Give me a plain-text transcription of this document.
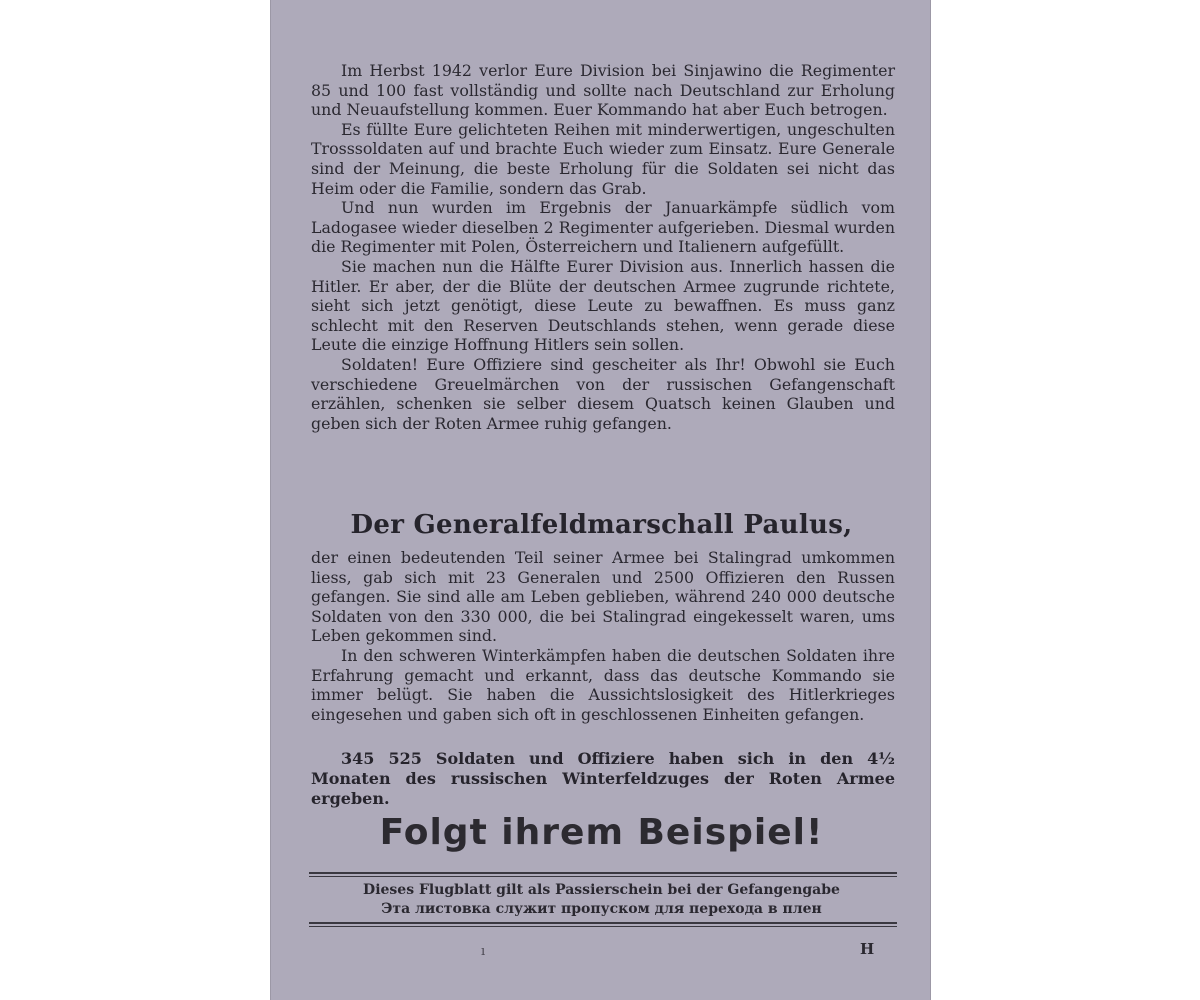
Im Herbst 1942 verlor Eure Division bei Sinjawino die Regimenter 85 und 100 fast vollständig und sollte nach Deutschland zur Erholung und Neuaufstellung kommen. Euer Kommando hat aber Euch betrogen.

Es füllte Eure gelichteten Reihen mit minderwertigen, ungeschulten Trosssoldaten auf und brachte Euch wieder zum Einsatz. Eure Generale sind der Meinung, die beste Erholung für die Soldaten sei nicht das Heim oder die Familie, sondern das Grab.

Und nun wurden im Ergebnis der Januarkämpfe südlich vom Ladogasee wieder dieselben 2 Regimenter aufgerieben. Diesmal wurden die Regimenter mit Polen, Österreichern und Italienern aufgefüllt.

Sie machen nun die Hälfte Eurer Division aus. Innerlich hassen die Hitler. Er aber, der die Blüte der deutschen Armee zugrunde richtete, sieht sich jetzt genötigt, diese Leute zu bewaffnen. Es muss ganz schlecht mit den Reserven Deutschlands stehen, wenn gerade diese Leute die einzige Hoffnung Hitlers sein sollen.

Soldaten! Eure Offiziere sind gescheiter als Ihr! Obwohl sie Euch verschiedene Greuelmärchen von der russischen Gefangenschaft erzählen, schenken sie selber diesem Quatsch keinen Glauben und geben sich der Roten Armee ruhig gefangen.

Der Generalfeldmarschall Paulus,

der einen bedeutenden Teil seiner Armee bei Stalingrad umkommen liess, gab sich mit 23 Generalen und 2500 Offizieren den Russen gefangen. Sie sind alle am Leben geblieben, während 240 000 deutsche Soldaten von den 330 000, die bei Stalingrad eingekesselt waren, ums Leben gekommen sind.

In den schweren Winterkämpfen haben die deutschen Soldaten ihre Erfahrung gemacht und erkannt, dass das deutsche Kommando sie immer belügt. Sie haben die Aussichtslosigkeit des Hitlerkrieges eingesehen und gaben sich oft in geschlossenen Einheiten gefangen.

345 525 Soldaten und Offiziere haben sich in den 4½ Monaten des russischen Winterfeldzuges der Roten Armee ergeben.

Folgt ihrem Beispiel!
Dieses Flugblatt gilt als Passierschein bei der Gefangengabe
Эта листовка служит пропуском для перехода в плен
ı	H
